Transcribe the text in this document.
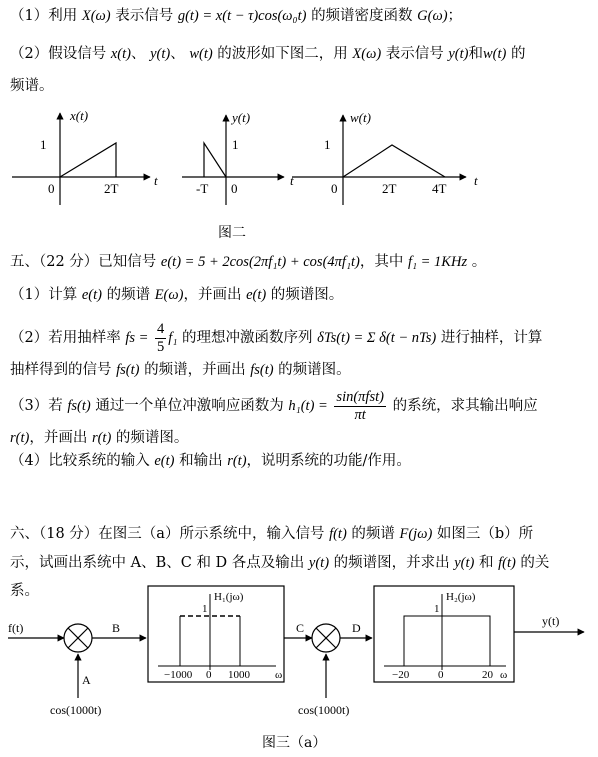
（1）利用 X(ω) 表示信号 g(t) = x(t − τ)cos(ω₀t) 的频谱密度函数 G(ω)；
（2）假设信号 x(t)、 y(t)、 w(t) 的波形如下图二，用 X(ω) 表示信号 y(t)和w(t) 的
频谱。
x(t)
1
0	2T
t
y(t)
1
-T 0
t
w(t)
1
0	2T	4T
t
图二
五、（22 分）已知信号 e(t) = 5 + 2cos(2πf₁t) + cos(4πf₁t)，其中 f₁ = 1KHz 。
（1）计算 e(t) 的频谱 E(ω)，并画出 e(t) 的频谱图。
（2）若用抽样率 fs = $\frac{4}{5} f_1$ 的理想冲激函数序列 δTs(t) = Σ δ(t − nTs) 进行抽样，计算
抽样得到的信号 fs(t) 的频谱，并画出 fs(t) 的频谱图。
（3）若 fs(t) 通过一个单位冲激响应函数为 $h_1(t) = \frac{\text{sin(πfst)}}{\pi t}$ 的系统，求其输出响应
r(t)，并画出 r(t) 的频谱图。
（4）比较系统的输入 e(t) 和输出 r(t)，说明系统的功能/作用。
六、（18 分）在图三（a）所示系统中，输入信号 f(t) 的频谱 F(jω) 如图三（b）所
示，试画出系统中 A、B、C 和 D 各点及输出 y(t) 的频谱图，并求出 y(t) 和 f(t) 的关
系。
f(t)
A
cos(1000t)
B
H₁(jω)
1
−1000 0 1000 ω
C
cos(1000t)
D
H₂(jω)
1
−20	0	20 ω
y(t)
图三（a）
